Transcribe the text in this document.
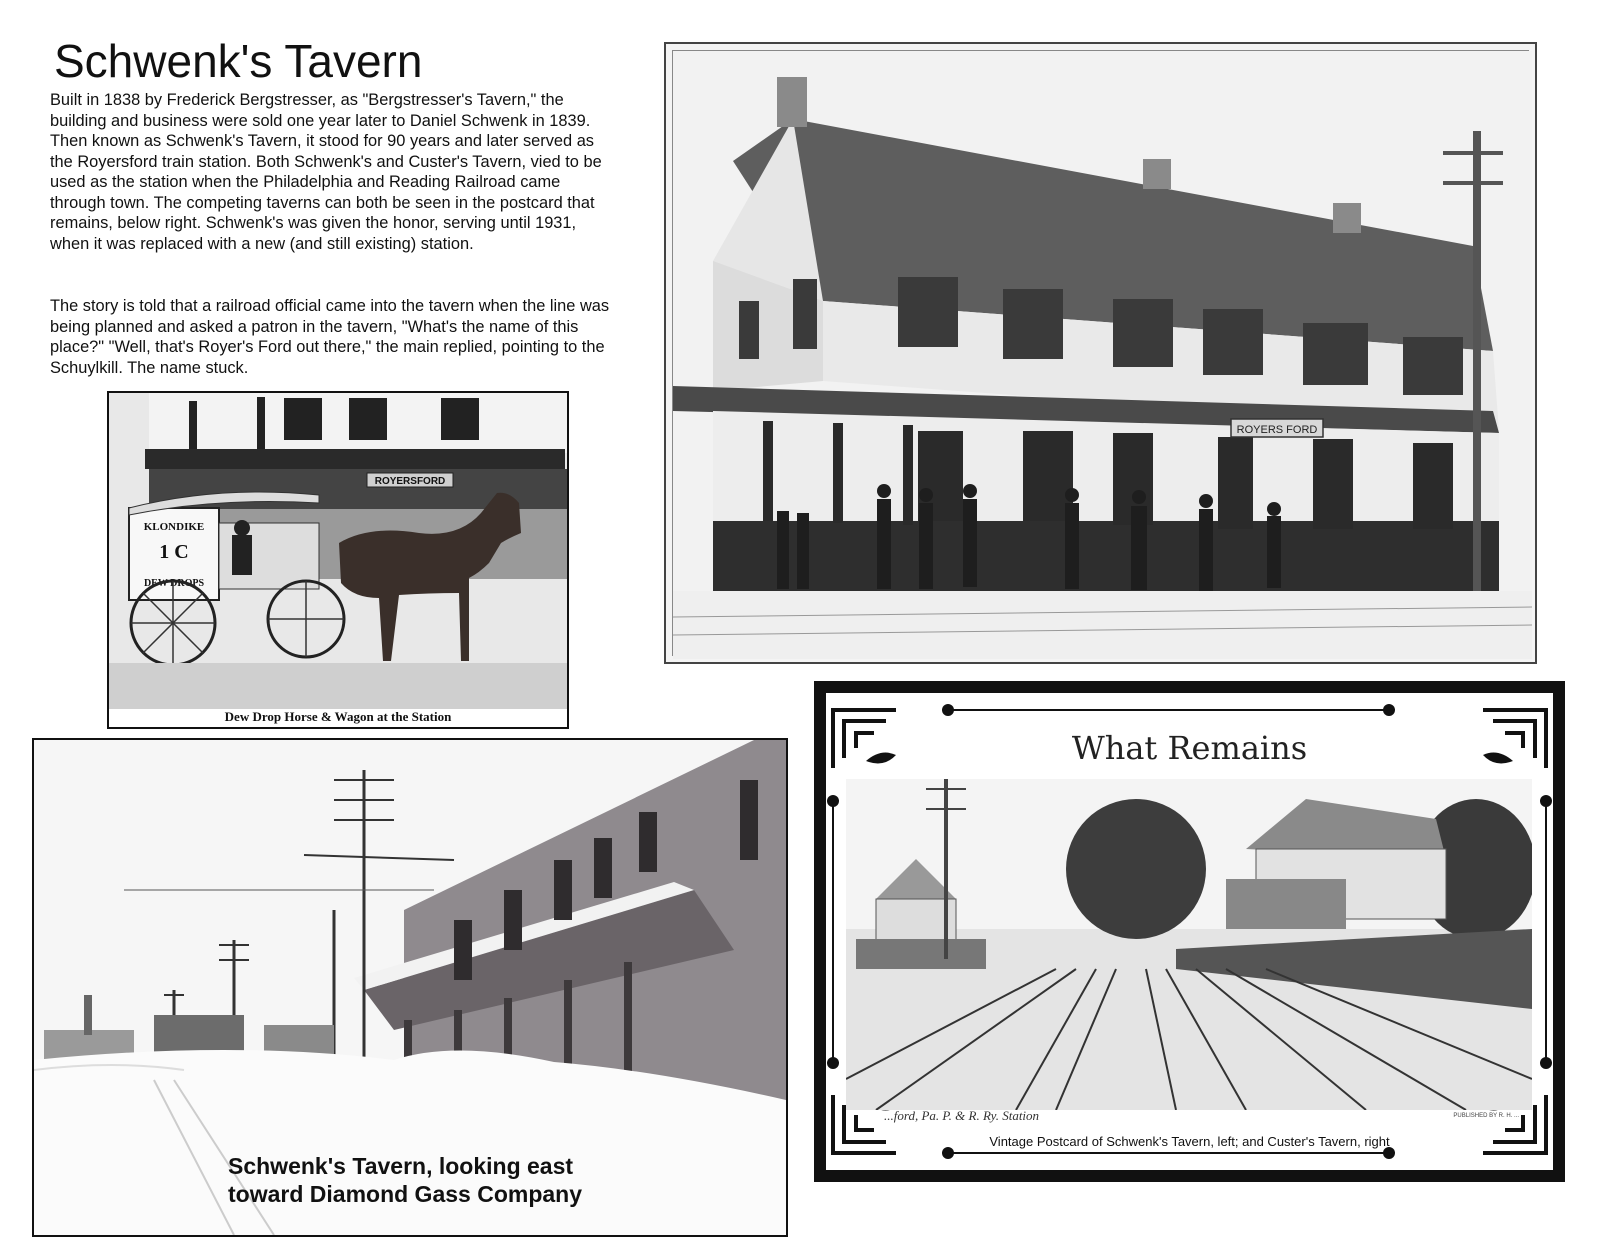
Schwenk's Tavern

Built in 1838 by Frederick Bergstresser, as "Bergstresser's Tavern," the building and business were sold one year later to Daniel Schwenk in 1839. Then known as Schwenk's Tavern, it stood for 90 years and later served as the Royersford train station. Both Schwenk's and Custer's Tavern, vied to be used as the station when the Philadelphia and Reading Railroad came through town. The competing taverns can both be seen in the postcard that remains, below right. Schwenk's was given the honor, serving until 1931, when it was replaced with a new (and still existing) station.

The story is told that a railroad official came into the tavern when the line was being planned and asked a patron in the tavern, "What's the name of this place?" "Well, that's Royer's Ford out there," the main replied, pointing to the Schuylkill. The name stuck.

ROYERS FORD
ROYERSFORD
KLONDIKE
1 C
DEW DROPS
Dew Drop Horse & Wagon at the Station
Schwenk's Tavern, looking east
toward Diamond Gass Company
What Remains
...ford, Pa. P. & R. Ry. Station	PUBLISHED BY R. H. ...
Vintage Postcard of Schwenk's Tavern, left; and Custer's Tavern, right
